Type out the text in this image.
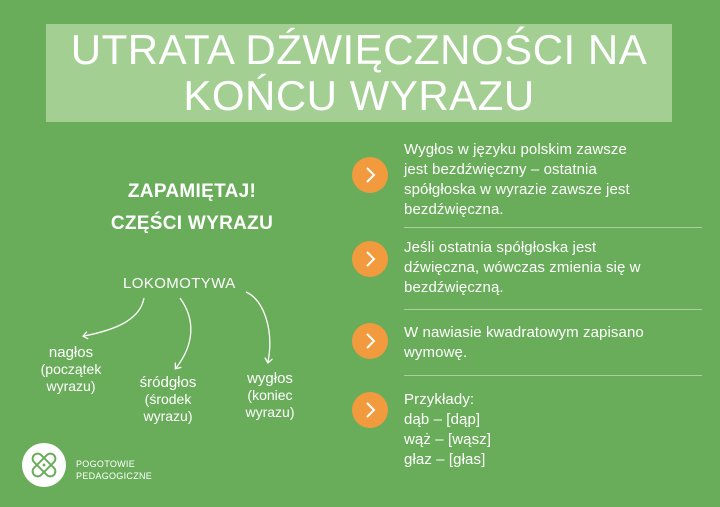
UTRATA DŹWIĘCZNOŚCI NA
KOŃCU WYRAZU
ZAPAMIĘTAJ!
CZĘŚCI WYRAZU
LOKOMOTYWA
nagłos
(początek
wyrazu)	śródgłos
(środek
wyrazu)
wygłos
(koniec
wyrazu)
POGOTOWIE
PEDAGOGICZNE
Wygłos w języku polskim zawsze
jest bezdźwięczny – ostatnia
spółgłoska w wyrazie zawsze jest
bezdźwięczna.
Jeśli ostatnia spółgłoska jest
dźwięczna, wówczas zmienia się w
bezdźwięczną.
W nawiasie kwadratowym zapisano
wymowę.
Przykłady:
dąb – [dąp]
wąż – [wąsz]
głaz – [głas]
